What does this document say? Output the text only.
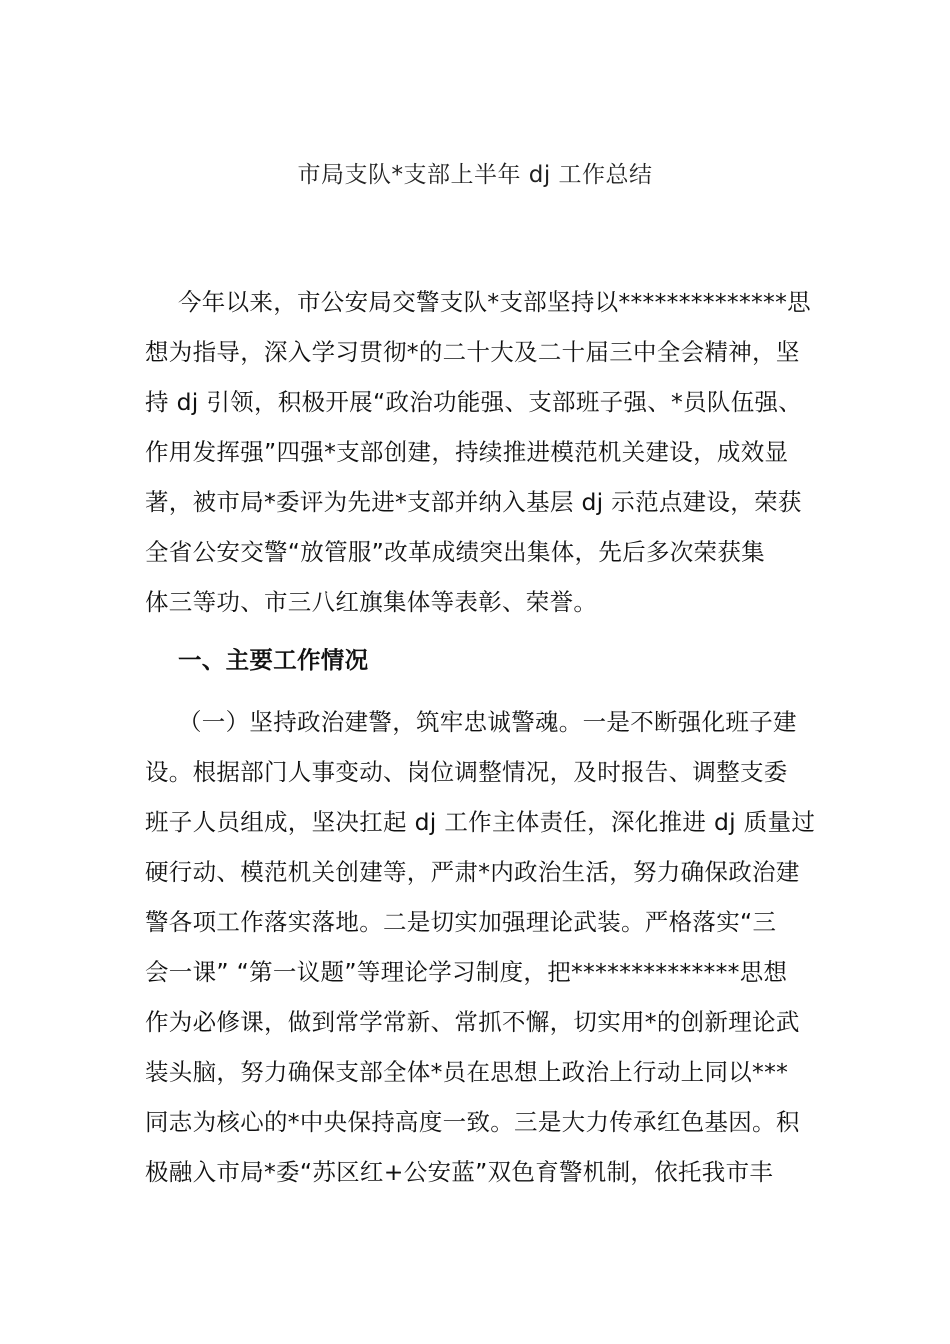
市局支队*支部上半年 dj 工作总结

今年以来，市公安局交警支队*支部坚持以**************思

想为指导，深入学习贯彻*的二十大及二十届三中全会精神，坚

持 dj 引领，积极开展“政治功能强、支部班子强、*员队伍强、

作用发挥强”四强*支部创建，持续推进模范机关建设，成效显

著，被市局*委评为先进*支部并纳入基层 dj 示范点建设，荣获

全省公安交警“放管服”改革成绩突出集体，先后多次荣获集

体三等功、市三八红旗集体等表彰、荣誉。

一、主要工作情况

（一）坚持政治建警，筑牢忠诚警魂。一是不断强化班子建

设。根据部门人事变动、岗位调整情况，及时报告、调整支委

班子人员组成，坚决扛起 dj 工作主体责任，深化推进 dj 质量过

硬行动、模范机关创建等，严肃*内政治生活，努力确保政治建

警各项工作落实落地。二是切实加强理论武装。严格落实“三

会一课” “第一议题”等理论学习制度，把**************思想

作为必修课，做到常学常新、常抓不懈，切实用*的创新理论武

装头脑，努力确保支部全体*员在思想上政治上行动上同以***

同志为核心的*中央保持高度一致。三是大力传承红色基因。积

极融入市局*委“苏区红+公安蓝”双色育警机制，依托我市丰
